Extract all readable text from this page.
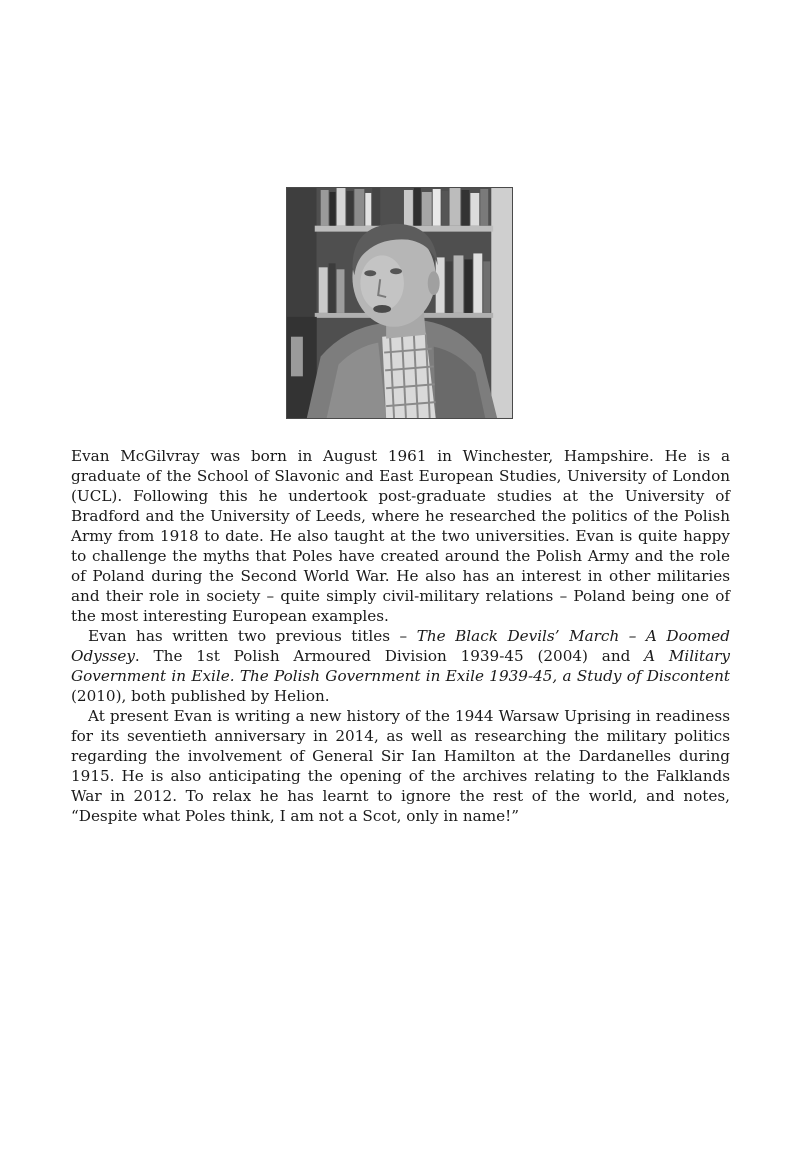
Evan McGilvray was born in August 1961 in Winchester, Hampshire. He is a graduate of the School of Slavonic and East European Studies, University of London (UCL). Following this he undertook post-graduate studies at the University of Bradford and the University of Leeds, where he researched the politics of the Polish Army from 1918 to date. He also taught at the two universities. Evan is quite happy to challenge the myths that Poles have created around the Polish Army and the role of Poland during the Second World War. He also has an interest in other militaries and their role in society – quite simply civil-military relations – Poland being one of the most interesting European examples.

Evan has written two previous titles – The Black Devils’ March – A Doomed Odyssey. The 1st Polish Armoured Division 1939-45 (2004) and A Military Government in Exile. The Polish Government in Exile 1939-45, a Study of Discontent (2010), both published by Helion.

At present Evan is writing a new history of the 1944 Warsaw Uprising in readiness for its seventieth anniversary in 2014, as well as researching the military politics regarding the involvement of General Sir Ian Hamilton at the Dardanelles during 1915. He is also anticipating the opening of the archives relating to the Falklands War in 2012. To relax he has learnt to ignore the rest of the world, and notes, “Despite what Poles think, I am not a Scot, only in name!”
